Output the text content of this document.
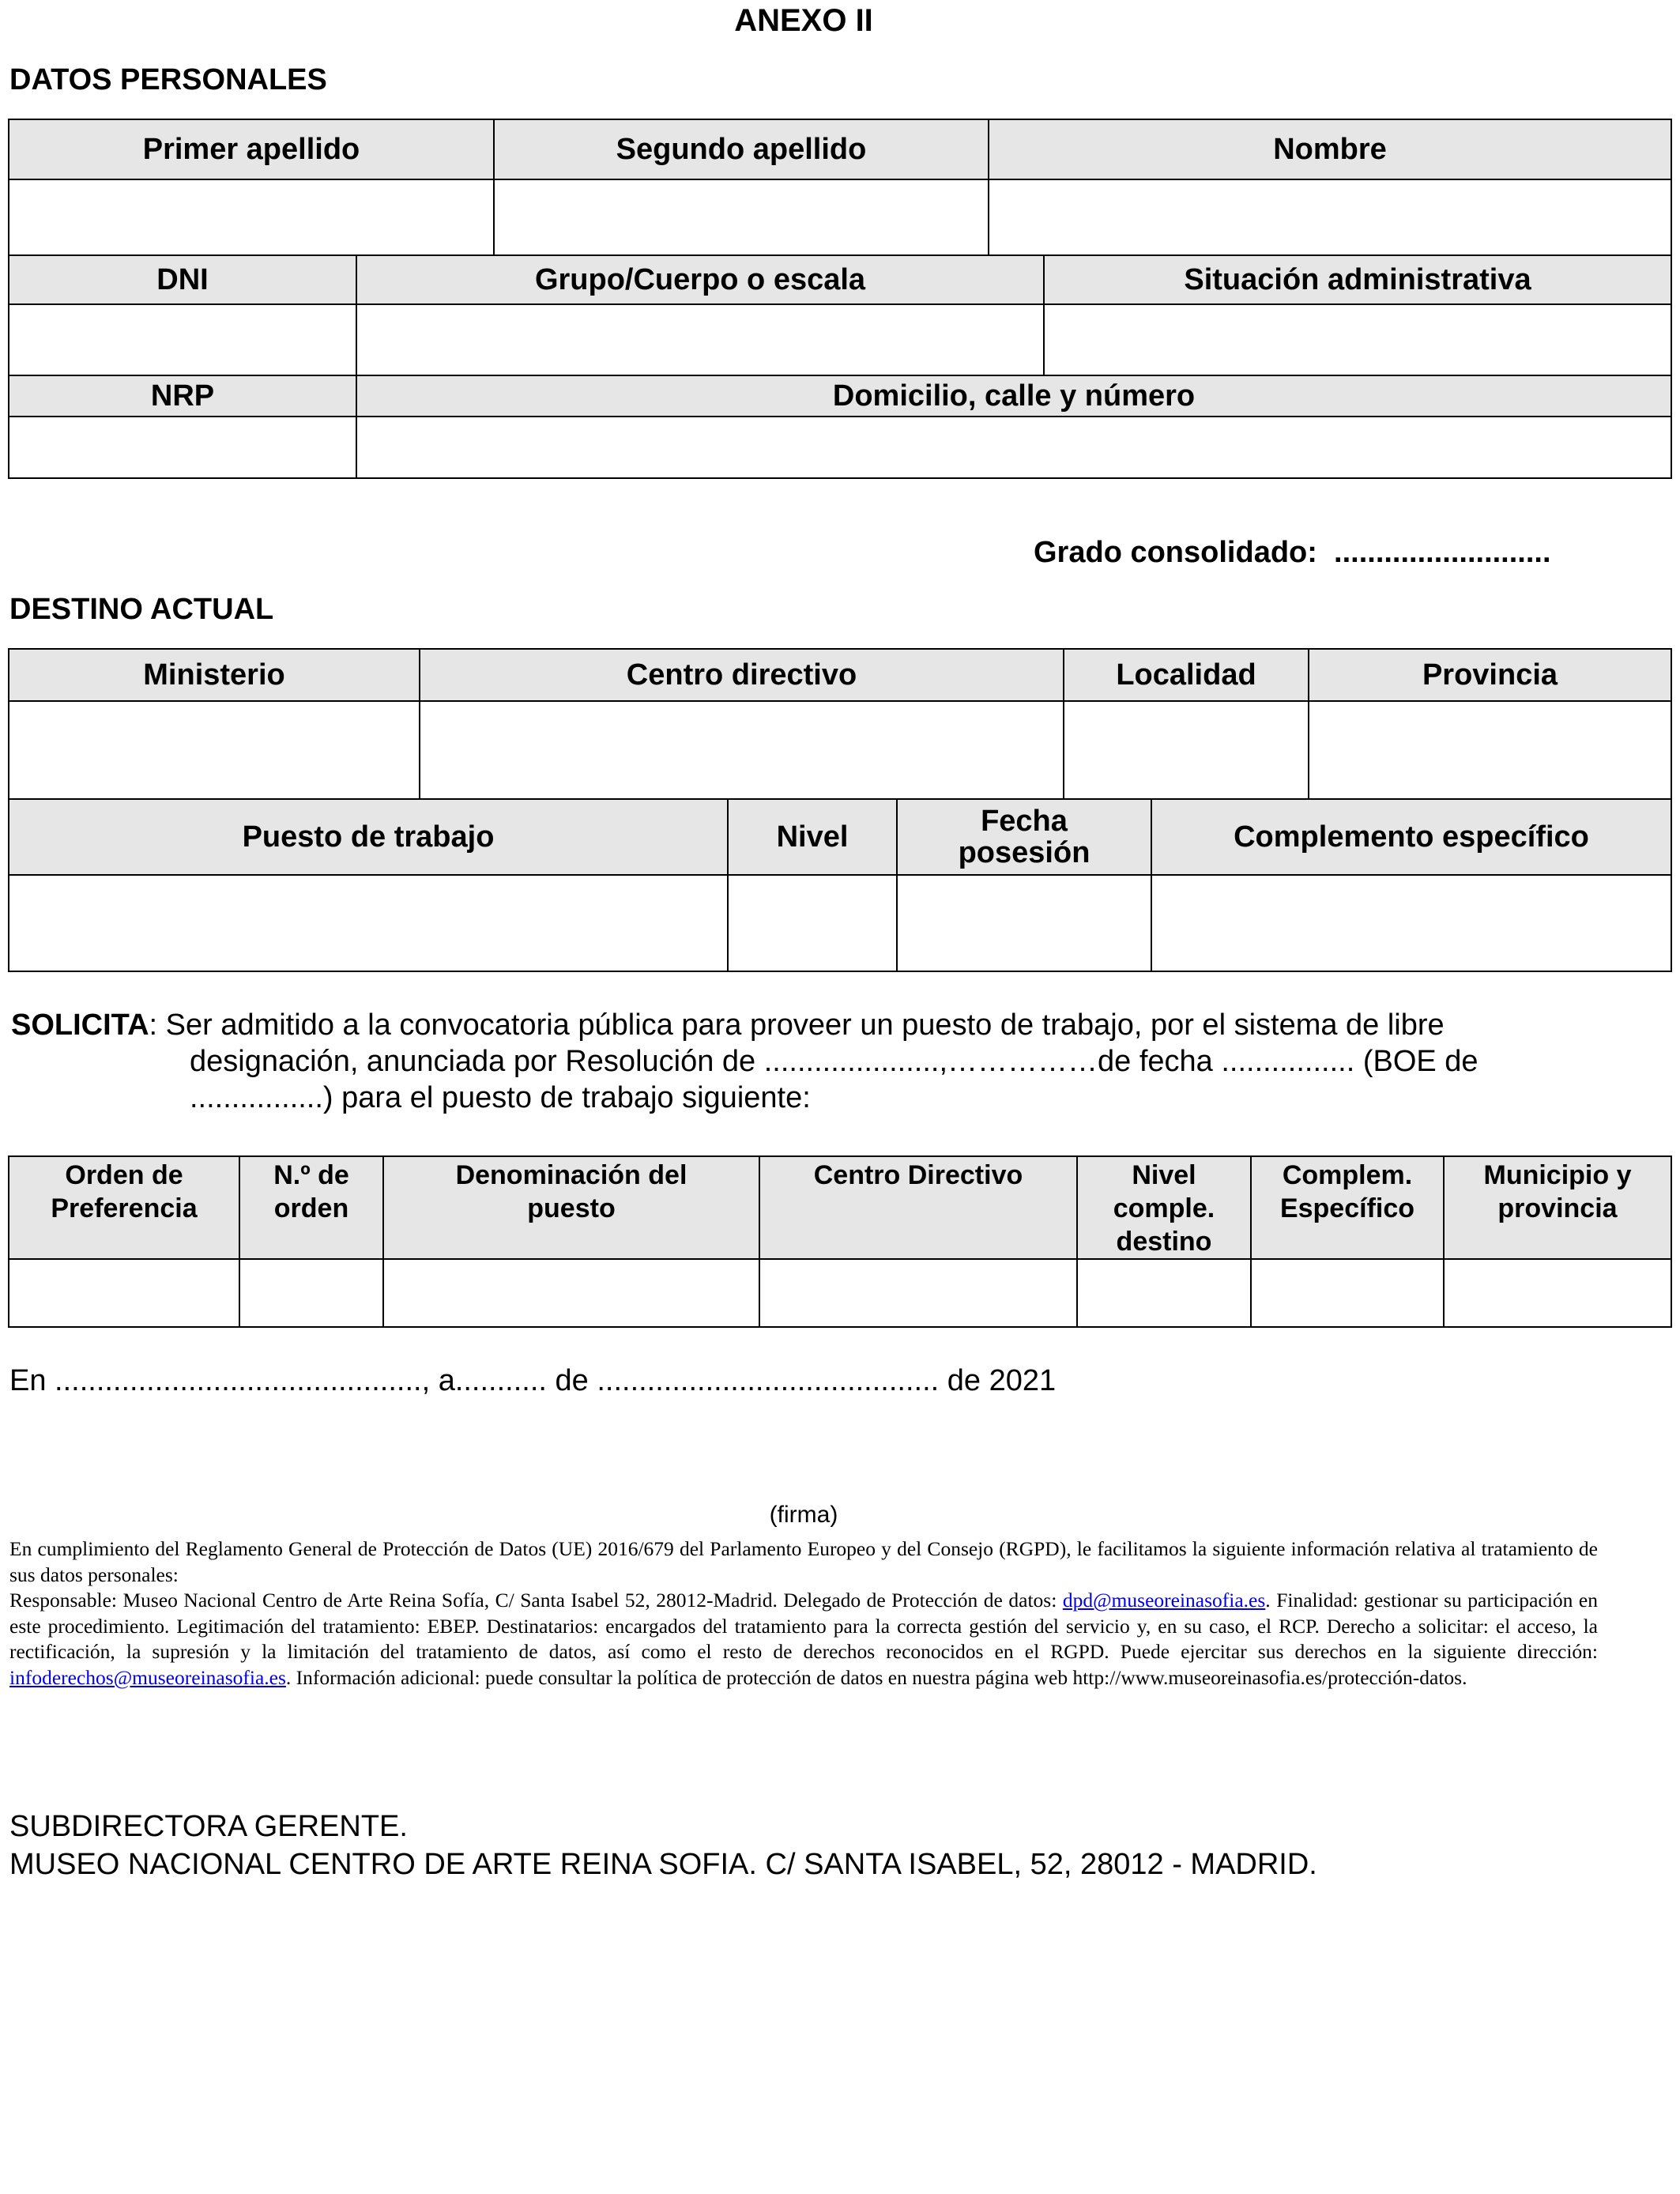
ANEXO II
DATOS PERSONALES
Primer apellido	Segundo apellido	Nombre

DNI	Grupo/Cuerpo o escala	Situación administrativa

NRP	Domicilio, calle y número

Grado consolidado: ..........................
DESTINO ACTUAL
Ministerio	Centro directivo	Localidad	Provincia

Puesto de trabajo	Nivel	Fecha posesión	Complemento específico

SOLICITA: Ser admitido a la convocatoria pública para proveer un puesto de trabajo, por el sistema de libre
designación, anunciada por Resolución de .....................,……………de fecha ................ (BOE de
................) para el puesto de trabajo siguiente:
Orden de Preferencia	N.º de orden	Denominación del puesto	Centro Directivo	Nivel comple. destino	Complem. Específico	Municipio y provincia

En ............................................, a........... de ......................................... de 2021
(firma)
En cumplimiento del Reglamento General de Protección de Datos (UE) 2016/679 del Parlamento Europeo y del Consejo (RGPD), le facilitamos la siguiente información relativa al tratamiento de sus datos personales:
Responsable: Museo Nacional Centro de Arte Reina Sofía, C/ Santa Isabel 52, 28012-Madrid. Delegado de Protección de datos: dpd@museoreinasofia.es. Finalidad: gestionar su participación en este procedimiento. Legitimación del tratamiento: EBEP. Destinatarios: encargados del tratamiento para la correcta gestión del servicio y, en su caso, el RCP. Derecho a solicitar: el acceso, la rectificación, la supresión y la limitación del tratamiento de datos, así como el resto de derechos reconocidos en el RGPD. Puede ejercitar sus derechos en la siguiente dirección: infoderechos@museoreinasofia.es. Información adicional: puede consultar la política de protección de datos en nuestra página web http://www.museoreinasofia.es/protección-datos.
SUBDIRECTORA GERENTE.
MUSEO NACIONAL CENTRO DE ARTE REINA SOFIA. C/ SANTA ISABEL, 52, 28012 - MADRID.
